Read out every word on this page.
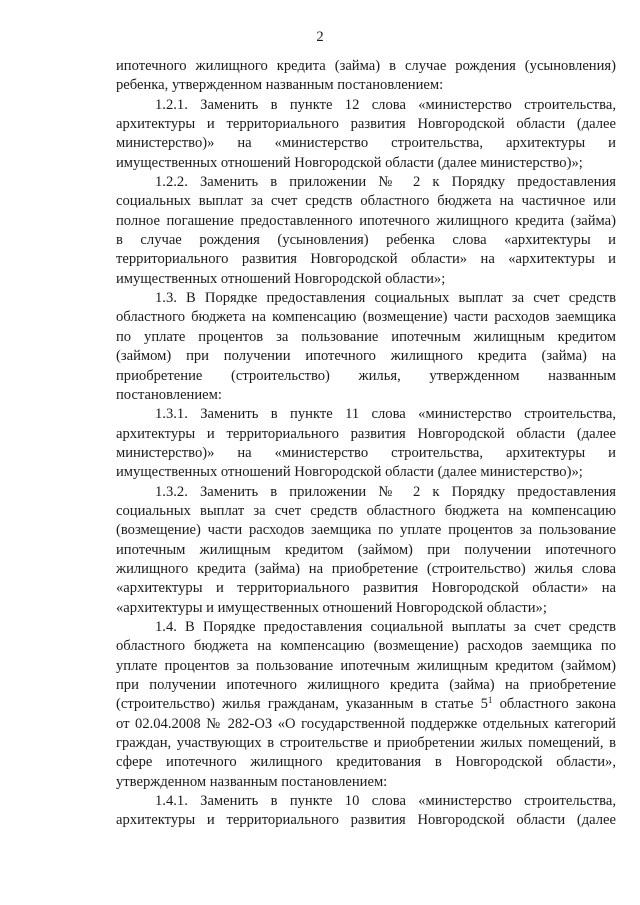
2
ипотечного жилищного кредита (займа) в случае рождения (усыновления)
ребенка, утвержденном названным постановлением:
1.2.1. Заменить в пункте 12 слова «министерство строительства,
архитектуры и территориального развития Новгородской области (далее
министерство)» на «министерство строительства, архитектуры и
имущественных отношений Новгородской области (далее министерство)»;
1.2.2. Заменить в приложении № 2 к Порядку предоставления
социальных выплат за счет средств областного бюджета на частичное или
полное погашение предоставленного ипотечного жилищного кредита (займа)
в случае рождения (усыновления) ребенка слова «архитектуры и
территориального развития Новгородской области» на «архитектуры и
имущественных отношений Новгородской области»;
1.3. В Порядке предоставления социальных выплат за счет средств
областного бюджета на компенсацию (возмещение) части расходов заемщика
по уплате процентов за пользование ипотечным жилищным кредитом
(займом) при получении ипотечного жилищного кредита (займа) на
приобретение (строительство) жилья, утвержденном названным
постановлением:
1.3.1. Заменить в пункте 11 слова «министерство строительства,
архитектуры и территориального развития Новгородской области (далее
министерство)» на «министерство строительства, архитектуры и
имущественных отношений Новгородской области (далее министерство)»;
1.3.2. Заменить в приложении № 2 к Порядку предоставления
социальных выплат за счет средств областного бюджета на компенсацию
(возмещение) части расходов заемщика по уплате процентов за пользование
ипотечным жилищным кредитом (займом) при получении ипотечного
жилищного кредита (займа) на приобретение (строительство) жилья слова
«архитектуры и территориального развития Новгородской области» на
«архитектуры и имущественных отношений Новгородской области»;
1.4. В Порядке предоставления социальной выплаты за счет средств
областного бюджета на компенсацию (возмещение) расходов заемщика по
уплате процентов за пользование ипотечным жилищным кредитом (займом)
при получении ипотечного жилищного кредита (займа) на приобретение
(строительство) жилья гражданам, указанным в статье $5^1$ областного закона
от 02.04.2008 № 282-ОЗ «О государственной поддержке отдельных категорий
граждан, участвующих в строительстве и приобретении жилых помещений, в
сфере ипотечного жилищного кредитования в Новгородской области»,
утвержденном названным постановлением:
1.4.1. Заменить в пункте 10 слова «министерство строительства,
архитектуры и территориального развития Новгородской области (далее
